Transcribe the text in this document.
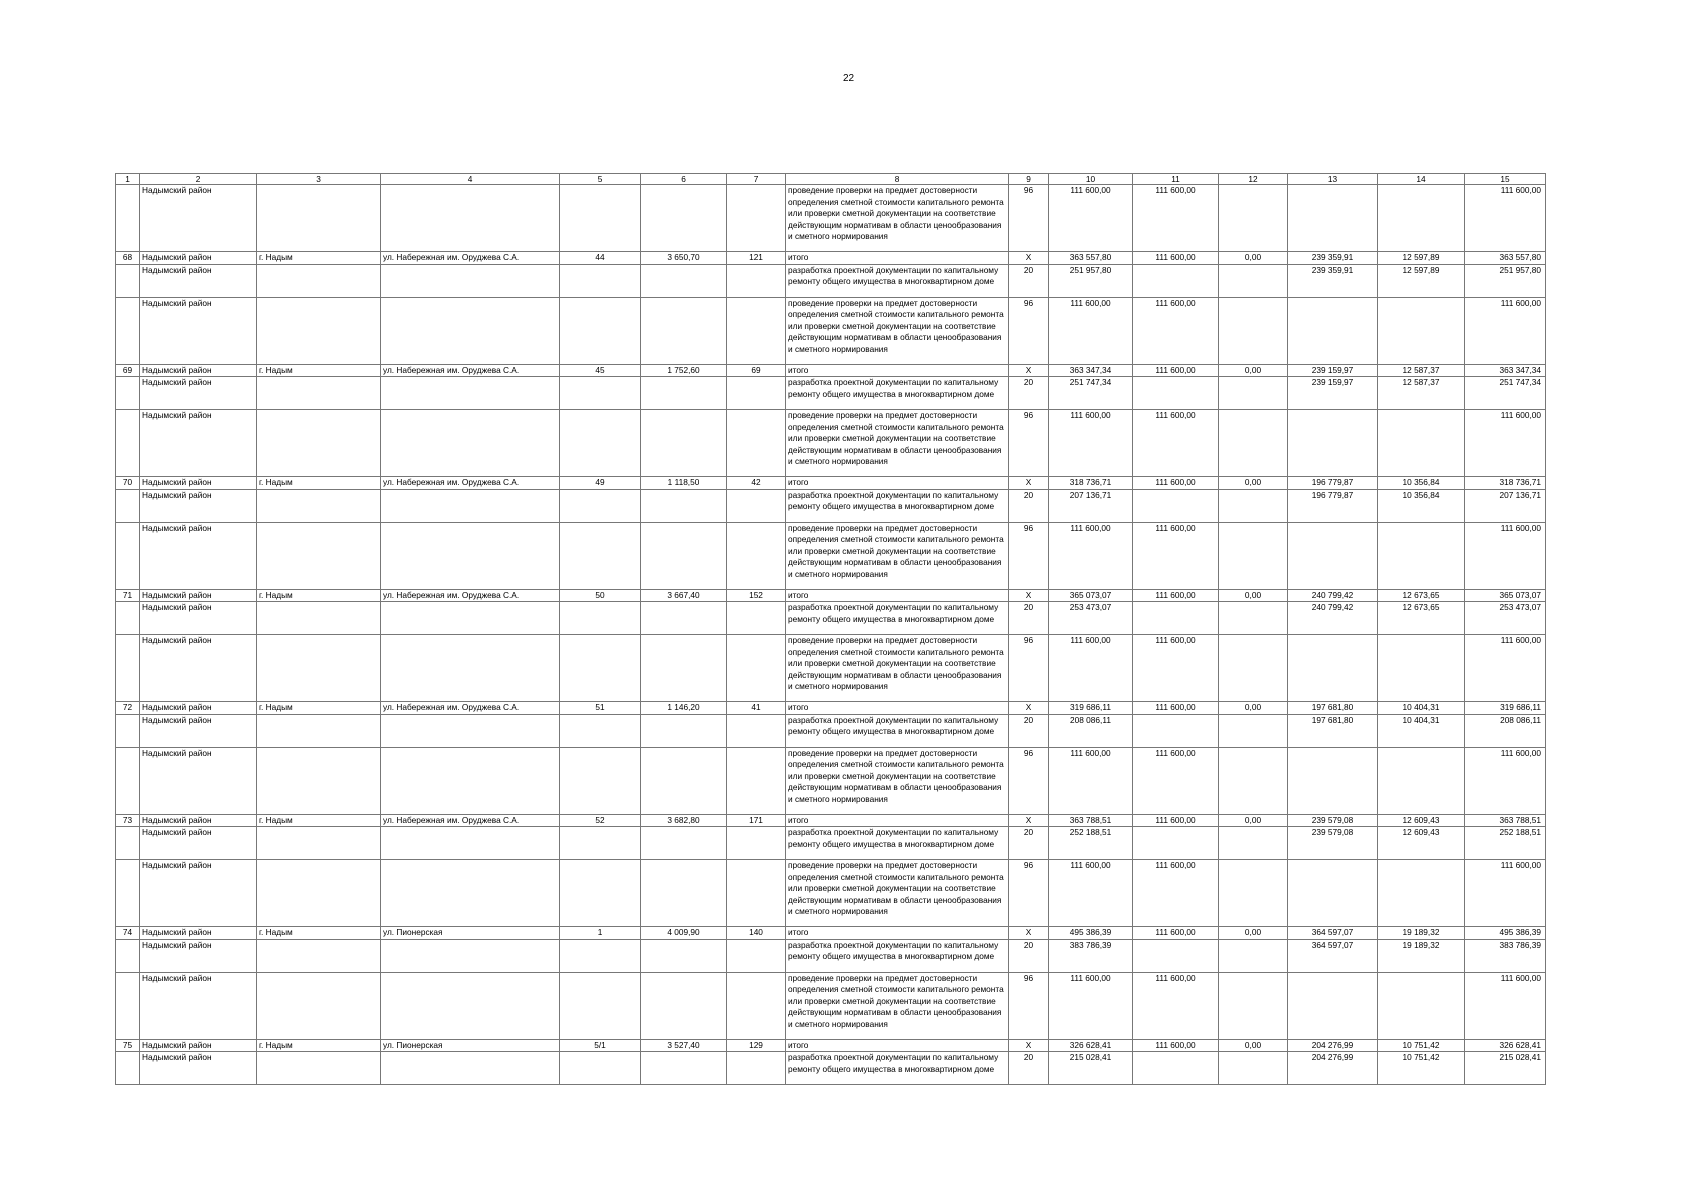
22
1	2	3	4	5	6	7	8	9	10	11	12	13	14	15
	Надымский район						проведение проверки на предмет достоверности определения сметной стоимости капитального ремонта или проверки сметной документации на соответствие действующим нормативам в области ценообразования и сметного нормирования	96	111 600,00	111 600,00				111 600,00
68	Надымский район	г. Надым	ул. Набережная им. Оруджева С.А.	44	3 650,70	121	итого	X	363 557,80	111 600,00	0,00	239 359,91	12 597,89	363 557,80
	Надымский район						разработка проектной документации по капитальному ремонту общего имущества в многоквартирном доме	20	251 957,80			239 359,91	12 597,89	251 957,80
	Надымский район						проведение проверки на предмет достоверности определения сметной стоимости капитального ремонта или проверки сметной документации на соответствие действующим нормативам в области ценообразования и сметного нормирования	96	111 600,00	111 600,00				111 600,00
69	Надымский район	г. Надым	ул. Набережная им. Оруджева С.А.	45	1 752,60	69	итого	X	363 347,34	111 600,00	0,00	239 159,97	12 587,37	363 347,34
	Надымский район						разработка проектной документации по капитальному ремонту общего имущества в многоквартирном доме	20	251 747,34			239 159,97	12 587,37	251 747,34
	Надымский район						проведение проверки на предмет достоверности определения сметной стоимости капитального ремонта или проверки сметной документации на соответствие действующим нормативам в области ценообразования и сметного нормирования	96	111 600,00	111 600,00				111 600,00
70	Надымский район	г. Надым	ул. Набережная им. Оруджева С.А.	49	1 118,50	42	итого	X	318 736,71	111 600,00	0,00	196 779,87	10 356,84	318 736,71
	Надымский район						разработка проектной документации по капитальному ремонту общего имущества в многоквартирном доме	20	207 136,71			196 779,87	10 356,84	207 136,71
	Надымский район						проведение проверки на предмет достоверности определения сметной стоимости капитального ремонта или проверки сметной документации на соответствие действующим нормативам в области ценообразования и сметного нормирования	96	111 600,00	111 600,00				111 600,00
71	Надымский район	г. Надым	ул. Набережная им. Оруджева С.А.	50	3 667,40	152	итого	X	365 073,07	111 600,00	0,00	240 799,42	12 673,65	365 073,07
	Надымский район						разработка проектной документации по капитальному ремонту общего имущества в многоквартирном доме	20	253 473,07			240 799,42	12 673,65	253 473,07
	Надымский район						проведение проверки на предмет достоверности определения сметной стоимости капитального ремонта или проверки сметной документации на соответствие действующим нормативам в области ценообразования и сметного нормирования	96	111 600,00	111 600,00				111 600,00
72	Надымский район	г. Надым	ул. Набережная им. Оруджева С.А.	51	1 146,20	41	итого	X	319 686,11	111 600,00	0,00	197 681,80	10 404,31	319 686,11
	Надымский район						разработка проектной документации по капитальному ремонту общего имущества в многоквартирном доме	20	208 086,11			197 681,80	10 404,31	208 086,11
	Надымский район						проведение проверки на предмет достоверности определения сметной стоимости капитального ремонта или проверки сметной документации на соответствие действующим нормативам в области ценообразования и сметного нормирования	96	111 600,00	111 600,00				111 600,00
73	Надымский район	г. Надым	ул. Набережная им. Оруджева С.А.	52	3 682,80	171	итого	X	363 788,51	111 600,00	0,00	239 579,08	12 609,43	363 788,51
	Надымский район						разработка проектной документации по капитальному ремонту общего имущества в многоквартирном доме	20	252 188,51			239 579,08	12 609,43	252 188,51
	Надымский район						проведение проверки на предмет достоверности определения сметной стоимости капитального ремонта или проверки сметной документации на соответствие действующим нормативам в области ценообразования и сметного нормирования	96	111 600,00	111 600,00				111 600,00
74	Надымский район	г. Надым	ул. Пионерская	1	4 009,90	140	итого	X	495 386,39	111 600,00	0,00	364 597,07	19 189,32	495 386,39
	Надымский район						разработка проектной документации по капитальному ремонту общего имущества в многоквартирном доме	20	383 786,39			364 597,07	19 189,32	383 786,39
	Надымский район						проведение проверки на предмет достоверности определения сметной стоимости капитального ремонта или проверки сметной документации на соответствие действующим нормативам в области ценообразования и сметного нормирования	96	111 600,00	111 600,00				111 600,00
75	Надымский район	г. Надым	ул. Пионерская	5/1	3 527,40	129	итого	X	326 628,41	111 600,00	0,00	204 276,99	10 751,42	326 628,41
	Надымский район						разработка проектной документации по капитальному ремонту общего имущества в многоквартирном доме	20	215 028,41			204 276,99	10 751,42	215 028,41
